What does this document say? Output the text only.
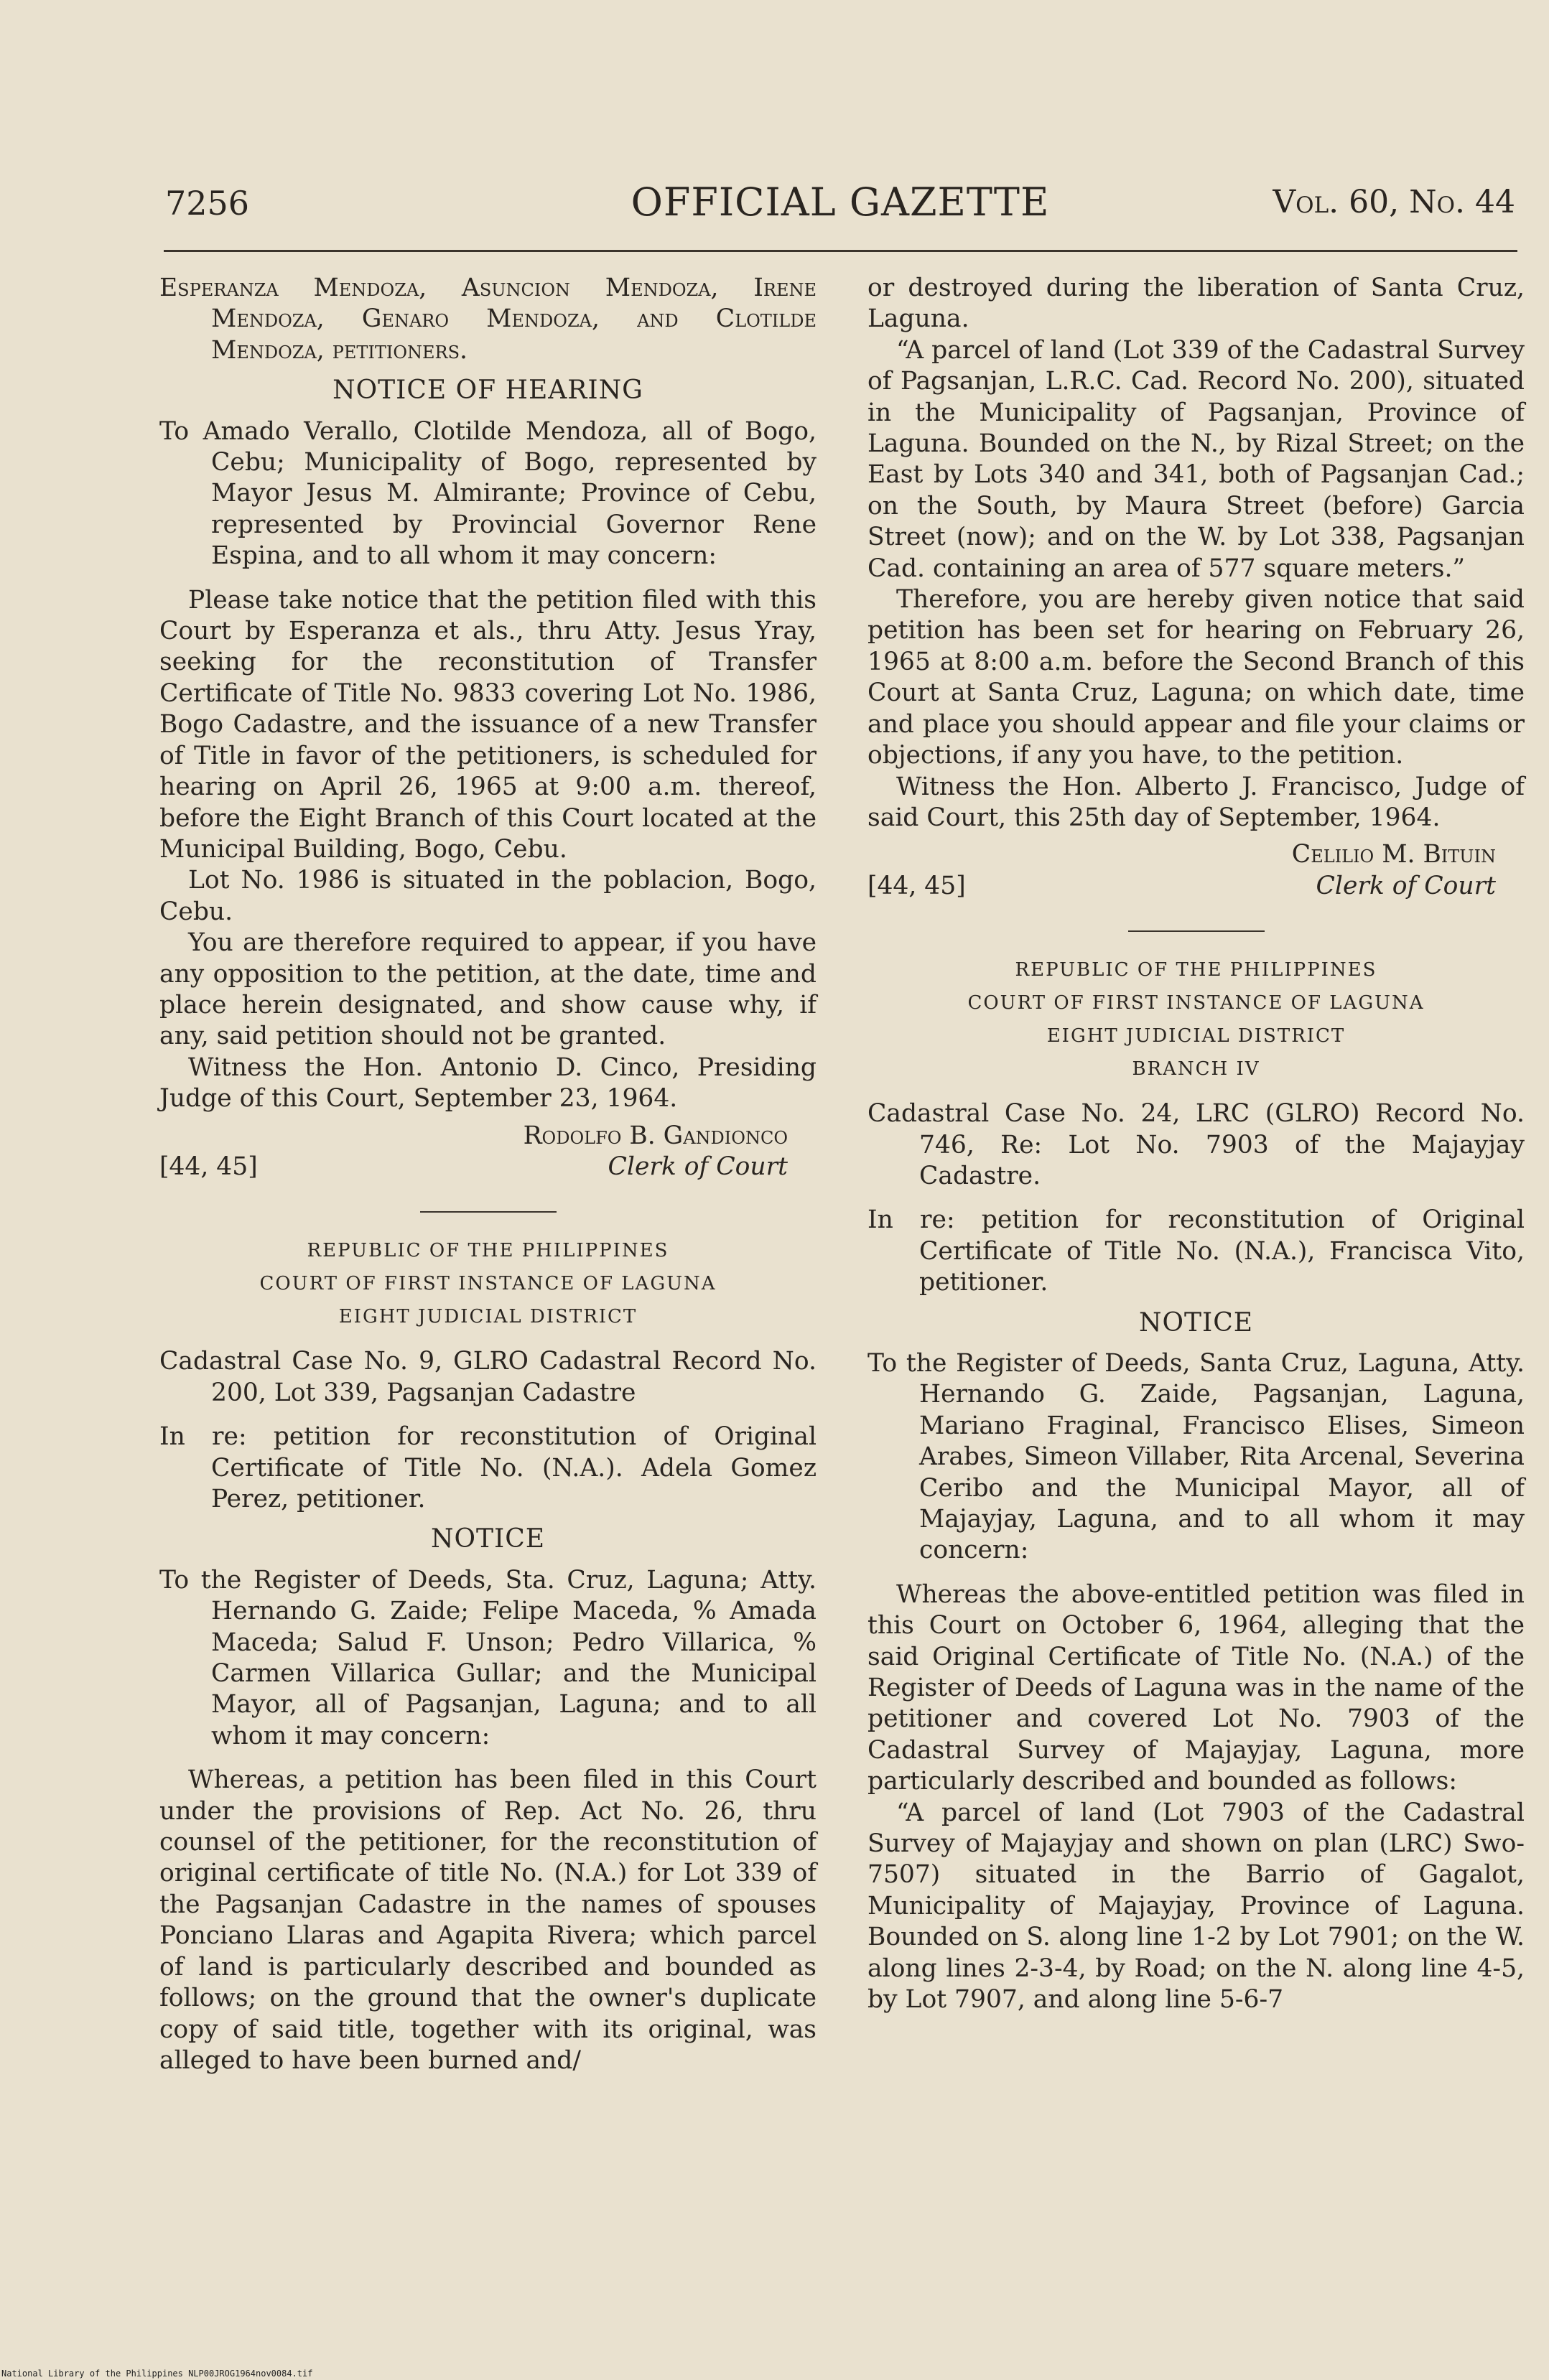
7256	OFFICIAL GAZETTE	Vol. 60, No. 44

Esperanza Mendoza, Asuncion Mendoza, Irene Mendoza, Genaro Mendoza, and Clotilde Mendoza, petitioners.

NOTICE OF HEARING

To Amado Verallo, Clotilde Mendoza, all of Bogo, Cebu; Municipality of Bogo, represented by Mayor Jesus M. Almirante; Province of Cebu, represented by Provincial Governor Rene Espina, and to all whom it may concern:

Please take notice that the petition filed with this Court by Esperanza et als., thru Atty. Jesus Yray, seeking for the reconstitution of Transfer Certificate of Title No. 9833 covering Lot No. 1986, Bogo Cadastre, and the issuance of a new Transfer of Title in favor of the petitioners, is scheduled for hearing on April 26, 1965 at 9:00 a.m. thereof, before the Eight Branch of this Court located at the Municipal Building, Bogo, Cebu.

Lot No. 1986 is situated in the poblacion, Bogo, Cebu.

You are therefore required to appear, if you have any opposition to the petition, at the date, time and place herein designated, and show cause why, if any, said petition should not be granted.

Witness the Hon. Antonio D. Cinco, Presiding Judge of this Court, September 23, 1964.

[44, 45]
Rodolfo B. Gandionco
Clerk of Court
REPUBLIC OF THE PHILIPPINES
COURT OF FIRST INSTANCE OF LAGUNA
EIGHT JUDICIAL DISTRICT

Cadastral Case No. 9, GLRO Cadastral Record No. 200, Lot 339, Pagsanjan Cadastre

In re: petition for reconstitution of Original Certificate of Title No. (N.A.). Adela Gomez Perez, petitioner.

NOTICE

To the Register of Deeds, Sta. Cruz, Laguna; Atty. Hernando G. Zaide; Felipe Maceda, % Amada Maceda; Salud F. Unson; Pedro Villarica, % Carmen Villarica Gullar; and the Municipal Mayor, all of Pagsanjan, Laguna; and to all whom it may concern:

Whereas, a petition has been filed in this Court under the provisions of Rep. Act No. 26, thru counsel of the petitioner, for the reconstitution of original certificate of title No. (N.A.) for Lot 339 of the Pagsanjan Cadastre in the names of spouses Ponciano Llaras and Agapita Rivera; which parcel of land is particularly described and bounded as follows; on the ground that the owner's duplicate copy of said title, together with its original, was alleged to have been burned and/

or destroyed during the liberation of Santa Cruz, Laguna.

“A parcel of land (Lot 339 of the Cadastral Survey of Pagsanjan, L.R.C. Cad. Record No. 200), situated in the Municipality of Pagsanjan, Province of Laguna. Bounded on the N., by Rizal Street; on the East by Lots 340 and 341, both of Pagsanjan Cad.; on the South, by Maura Street (before) Garcia Street (now); and on the W. by Lot 338, Pagsanjan Cad. containing an area of 577 square meters.”

Therefore, you are hereby given notice that said petition has been set for hearing on February 26, 1965 at 8:00 a.m. before the Second Branch of this Court at Santa Cruz, Laguna; on which date, time and place you should appear and file your claims or objections, if any you have, to the petition.

Witness the Hon. Alberto J. Francisco, Judge of said Court, this 25th day of September, 1964.

[44, 45]
Celilio M. Bituin
Clerk of Court
REPUBLIC OF THE PHILIPPINES
COURT OF FIRST INSTANCE OF LAGUNA
EIGHT JUDICIAL DISTRICT
BRANCH IV

Cadastral Case No. 24, LRC (GLRO) Record No. 746, Re: Lot No. 7903 of the Majayjay Cadastre.

In re: petition for reconstitution of Original Certificate of Title No. (N.A.), Francisca Vito, petitioner.

NOTICE

To the Register of Deeds, Santa Cruz, Laguna, Atty. Hernando G. Zaide, Pagsanjan, Laguna, Mariano Fraginal, Francisco Elises, Simeon Arabes, Simeon Villaber, Rita Arcenal, Severina Ceribo and the Municipal Mayor, all of Majayjay, Laguna, and to all whom it may concern:

Whereas the above-entitled petition was filed in this Court on October 6, 1964, alleging that the said Original Certificate of Title No. (N.A.) of the Register of Deeds of Laguna was in the name of the petitioner and covered Lot No. 7903 of the Cadastral Survey of Majayjay, Laguna, more particularly described and bounded as follows:

“A parcel of land (Lot 7903 of the Cadastral Survey of Majayjay and shown on plan (LRC) Swo-7507) situated in the Barrio of Gagalot, Municipality of Majayjay, Province of Laguna. Bounded on S. along line 1-2 by Lot 7901; on the W. along lines 2-3-4, by Road; on the N. along line 4-5, by Lot 7907, and along line 5-6-7

National Library of the Philippines NLP00JROG1964nov0084.tif
